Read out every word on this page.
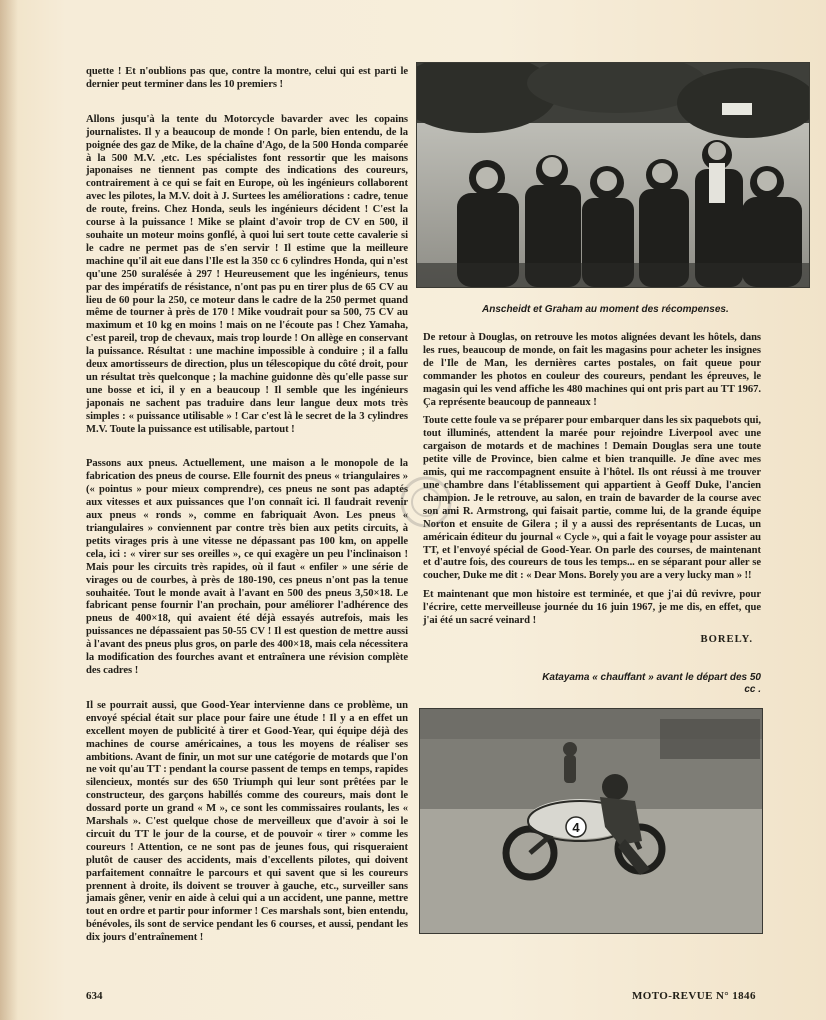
quette ! Et n'oublions pas que, contre la montre, celui qui est parti le dernier peut terminer dans les 10 premiers !

Allons jusqu'à la tente du Motorcycle bavarder avec les copains journalistes. Il y a beaucoup de monde ! On parle, bien entendu, de la poignée des gaz de Mike, de la chaîne d'Ago, de la 500 Honda comparée à la 500 M.V. ,etc. Les spécialistes font ressortir que les maisons japonaises ne tiennent pas compte des indications des coureurs, contrairement à ce qui se fait en Europe, où les ingénieurs collaborent avec les pilotes, la M.V. doit à J. Surtees les améliorations : cadre, tenue de route, freins. Chez Honda, seuls les ingénieurs décident ! C'est la course à la puissance ! Mike se plaint d'avoir trop de CV en 500, il souhaite un moteur moins gonflé, à quoi lui sert toute cette cavalerie si le cadre ne permet pas de s'en servir ! Il estime que la meilleure machine qu'il ait eue dans l'Ile est la 350 cc 6 cylindres Honda, qui n'est qu'une 250 suralésée à 297 ! Heureusement que les ingénieurs, tenus par des impératifs de résistance, n'ont pas pu en tirer plus de 65 CV au lieu de 60 pour la 250, ce moteur dans le cadre de la 250 permet quand même de tourner à près de 170 ! Mike voudrait pour sa 500, 75 CV au maximum et 10 kg en moins ! mais on ne l'écoute pas ! Chez Yamaha, c'est pareil, trop de chevaux, mais trop lourde ! On allège en conservant la puissance. Résultat : une machine impossible à conduire ; il a fallu deux amortisseurs de direction, plus un télescopique du côté droit, pour un résultat très quelconque ; la machine guidonne dès qu'elle passe sur une bosse et ici, il y en a beaucoup ! Il semble que les ingénieurs japonais ne sachent pas traduire dans leur langue deux mots très simples : « puissance utilisable » ! Car c'est là le secret de la 3 cylindres M.V. Toute la puissance est utilisable, partout !

Passons aux pneus. Actuellement, une maison a le monopole de la fabrication des pneus de course. Elle fournit des pneus « triangulaires » (« pointus » pour mieux comprendre), ces pneus ne sont pas adaptés aux vitesses et aux puissances que l'on connaît ici. Il faudrait revenir aux pneus « ronds », comme en fabriquait Avon. Les pneus « triangulaires » conviennent par contre très bien aux petits circuits, à petits virages pris à une vitesse ne dépassant pas 100 km, on appelle cela, ici : « virer sur ses oreilles », ce qui exagère un peu l'inclinaison ! Mais pour les circuits très rapides, où il faut « enfiler » une série de virages ou de courbes, à près de 180-190, ces pneus n'ont pas la tenue souhaitée. Tout le monde avait à l'avant en 500 des pneus 3,50×18. Le fabricant pense fournir l'an prochain, pour améliorer l'adhérence des pneus de 400×18, qui avaient été déjà essayés autrefois, mais les puissances ne dépassaient pas 50-55 CV ! Il est question de mettre aussi à l'avant des pneus plus gros, on parle des 400×18, mais cela nécessitera la modification des fourches avant et entraînera une révision complète des cadres !

Il se pourrait aussi, que Good-Year intervienne dans ce problème, un envoyé spécial était sur place pour faire une étude ! Il y a en effet un excellent moyen de publicité à tirer et Good-Year, qui équipe déjà des machines de course américaines, a tous les moyens de réaliser ses ambitions. Avant de finir, un mot sur une catégorie de motards que l'on ne voit qu'au TT : pendant la course passent de temps en temps, rapides silencieux, montés sur des 650 Triumph qui leur sont prêtées par le constructeur, des garçons habillés comme des coureurs, mais dont le dossard porte un grand « M », ce sont les commissaires roulants, les « Marshals ». C'est quelque chose de merveilleux que d'avoir à soi le circuit du TT le jour de la course, et de pouvoir « tirer » comme les coureurs ! Attention, ce ne sont pas de jeunes fous, qui risqueraient plutôt de causer des accidents, mais d'excellents pilotes, qui doivent parfaitement connaître le parcours et qui savent que si les coureurs prennent à droite, ils doivent se trouver à gauche, etc., surveiller sans jamais gêner, venir en aide à celui qui a un accident, une panne, mettre tout en ordre et partir pour informer ! Ces marshals sont, bien entendu, bénévoles, ils sont de service pendant les 6 courses, et aussi, pendant les dix jours d'entraînement !

Anscheidt et Graham au moment des récompenses.

De retour à Douglas, on retrouve les motos alignées devant les hôtels, dans les rues, beaucoup de monde, on fait les magasins pour acheter les insignes de l'Ile de Man, les dernières cartes postales, on fait queue pour commander les photos en couleur des coureurs, pendant les épreuves, le magasin qui les vend affiche les 480 machines qui ont pris part au TT 1967. Ça représente beaucoup de panneaux !

Toute cette foule va se préparer pour embarquer dans les six paquebots qui, tout illuminés, attendent la marée pour rejoindre Liverpool avec une cargaison de motards et de machines ! Demain Douglas sera une toute petite ville de Province, bien calme et bien tranquille. Je dîne avec mes amis, qui me raccompagnent ensuite à l'hôtel. Ils ont réussi à me trouver une chambre dans l'établissement qui appartient à Geoff Duke, l'ancien champion. Je le retrouve, au salon, en train de bavarder de la course avec son ami R. Armstrong, qui faisait partie, comme lui, de la grande équipe Norton et ensuite de Gilera ; il y a aussi des représentants de Lucas, un américain éditeur du journal « Cycle », qui a fait le voyage pour assister au TT, et l'envoyé spécial de Good-Year. On parle des courses, de maintenant et d'autre fois, des coureurs de tous les temps... en se séparant pour aller se coucher, Duke me dit : « Dear Mons. Borely you are a very lucky man » !!

Et maintenant que mon histoire est terminée, et que j'ai dû revivre, pour l'écrire, cette merveilleuse journée du 16 juin 1967, je me dis, en effet, que j'ai été un sacré veinard !

BORELY.
Katayama « chauffant » avant le départ des 50 cc .
4
634	MOTO-REVUE N° 1846
